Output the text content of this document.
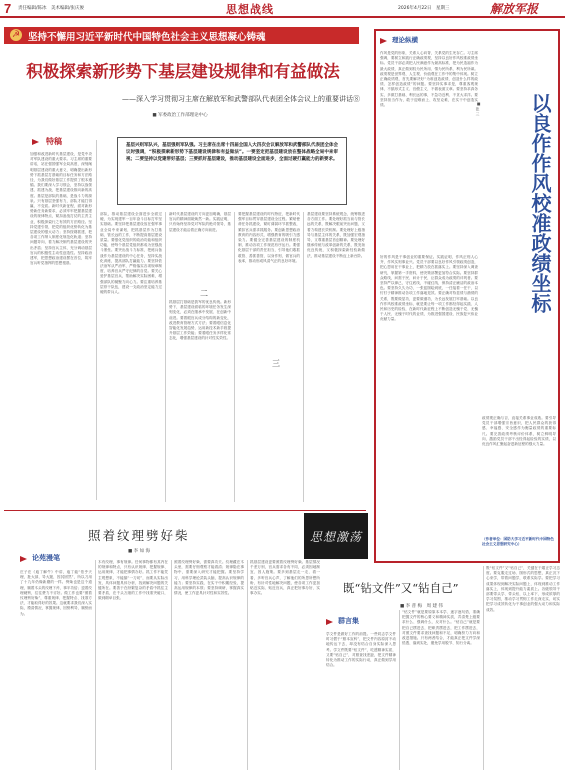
7 责任编辑/陈冰　美术编辑/张庆俊	思想战线	2026年4月22日　星期三	解放军报
☭ 坚持不懈用习近平新时代中国特色社会主义思想凝心铸魂
积极探索新形势下基层建设规律和有益做法
——深入学习贯彻习主席在解放军和武警部队代表团全体会议上的重要讲话⑧
■ 军委政治工作部理论中心
特稿
加强和改进新时代基层建设，是党中央对军队建设的重大要求。习主席的重要讲话，站在强国强军全局高度，深刻阐明基层建设的重大意义，明确提出新形势下抓基层打基础的目标任务和方法路径，为我们做好基层工作提供了根本遵循。我们要深入学习领会，坚持以战领建、抓建为战，把基层建设推向新的高度。基层是部队的基础，是战斗力的源泉。只有基层坚强有力，部队才能打得赢、不变质。新时代新征程，面对新形势新任务新要求，必须牢牢把握基层建设的规律特点，紧扣备战打仗的主责主业，积极探索行之有效的方法路径。坚持党建引领，把党的组织优势转化为基层建设的强大动力；坚持按纲抓建，把各项工作纳入制度化规范化轨道；坚持问题导向，着力解决制约基层建设的突出矛盾；坚持官兵主体，充分调动基层官兵的积极性主动性创造性。坚持政治建军，把思想政治建设摆在首位，筑牢官兵听党指挥的思想根基。
基层兴则军队兴，基层强则军队强。习主席在出席十四届全国人大四次会议解放军和武警部队代表团全体会议时强调，“积极探索新形势下基层建设规律和有益做法”。一要坚定把基层建设放在整体战略全局中来审视；二要坚持以党建带好基层；三要抓好基层建设，推动基层建设全面进步，全面过硬打赢能力的新要求。
部队，推动基层建设全面进步全面过硬，为实现建军一百年奋斗目标打牢坚实基础。要坚持把基层建设放在强军事业全局中来谋划，把抓基层作为打基础、管长远的工作，不断提高基层建设质量。要强化党组织的政治功能和组织功能，使每个基层党组织都成为坚强战斗堡垒。要突出战斗力标准，把练兵备战作为基层建设的中心任务，坚持实战化训练，提高部队打赢能力。要坚持依法治军从严治军，严格落实各项规章制度，培养官兵严守纪律的自觉。要关心爱护基层官兵，帮助解决实际困难，增强部队的凝聚力向心力。要注重培养基层骨干队伍，建设一支政治坚定能力过硬的带兵人。	二
新时代基层建设的方向更加明确，基层官兵的精神面貌焕然一新。实践证明，只有始终坚持党对军队的绝对领导，基层建设才能沿着正确方向前进。
抓基层打基础是我军的优良传统。新形势下，基层建设面临的环境任务发生深刻变化，必须在继承中发展、在创新中前进。要着眼官兵成分结构的新变化，改进教育管理方式方法；要着眼信息化智能化发展趋势，运用新技术新手段提升基层工作效能；要着眼任务多样化常态化，增强基层建设的针对性实效性。
要把握基层建设的时代特征，把新时代强军目标贯穿基层建设全过程。紧贴使命任务抓建设，紧盯薄弱环节抓整改，紧扣官兵需求抓服务。要创新思想政治教育的内容形式，增强教育的吸引力感染力。要健全完善基层建设的制度机制，推动各项工作规范有序运行。要强化基层干部的责任担当，引导他们敢抓敢管、善抓善管，以身作则，做官兵的表率，推动形成风清气正的良好环境。
基层建设要坚持系统观念，统筹推进各方面工作。要处理好抓当前与管长远的关系，既解决眼前突出问题，又着力构建长效机制。要处理好上级指导与基层主体的关系，既加强宏观指导，又尊重基层首创精神。要处理好继承传统与改革创新的关系，既发扬优良传统，又积极探索新经验新做法，推动基层建设不断迈上新台阶。
三
理论纵横
作风是党的形象，关系人心向背，关系党的生死存亡。习主席强调，要树立和践行正确政绩观，坚持以良好作风校准政绩坐标。党员干部必须把人民满意作为最高标准，把为民造福作为最大政绩，真正做到权为民所用、情为民所系、利为民所谋。政绩观是世界观、人生观、价值观在工作中的集中体现。树立正确政绩观，首先要解决好“为谁创造政绩、创造什么样的政绩、怎样创造政绩”的问题。要坚持实事求是，尊重客观规律，不搞形式主义、官僚主义，不做表面文章。要坚持求真务实，多做打基础、利长远的事，不急功近利、不贪大求洋。要坚持担当作为，敢于迎难而上、攻坚克难，在实干中创造实绩。	以良作作风校准政绩坐标
■ 张 三
好的作风是干事创业的重要保证。实践证明，作风正则人心齐，作风实则事业兴。党员干部要以良好作风引领政绩创造，把心思用在干事业上，把精力放在抓落实上。要坚持深入调查研究，掌握第一手资料，使决策部署更加符合实际。要坚持群众路线，问需于民、问计于民，让群众成为政绩的评判者。要坚持严以律己，守住底线，不碰红线，保持清正廉洁的政治本色。要坚持久久为功，一张蓝图绘到底，一任接着一任干，以钉钉子精神推动各项工作落地见效。要正确对待显绩与潜绩的关系，既要做显功，更要做潜功，为长远发展打牢基础。以良作作风校准政绩坐标，就是要让每一项工作都经得起实践、人民和历史的检验，在新时代新征程上不断创造无愧于党、无愧于人民、无愧于时代的业绩，为推进强国建设、民族复兴伟业贡献力量。
政绩观正确与否，直接关系事业成败。要引导党员干部增强宗旨意识，把人民群众的获得感、幸福感、安全感作为衡量政绩的重要标尺。要完善政绩考核评价体系，树立鲜明导向，激励党员干部干出经得起检验的实绩，以优良作风汇聚起奋进新征程的强大力量。
（作者单位：国防大学习近平新时代中国特色社会主义思想研究中心）
照着纹理劈好柴
■ 李 如 海
论苑漫笔
庄子在《庖丁解牛》中讲，庖丁能“依乎天理，批大郤，导大窾，因其固然”，所以刀用了十九年仍像新磨的一样。劈柴也是这个道理，顺着木头的纹理下斧，事半功倍；逆着纹理硬劈，往往费力不讨好。做工作也要“照着纹理劈好柴”，尊重规律、把握特点、找准方法，才能取得好的效果。这就要求我们深入实际，摸清情况，掌握规律，因势利导，顺势而为。
木有纹理，事有规律。任何事物都有其内在的规律和特点，只有认识规律、把握规律、运用规律，才能把事情办好。抓工作不能凭主观想象，不能搞“一刀切”，而要从实际出发，具体问题具体分析，找到解决问题的关键所在。要善于在纷繁复杂的矛盾中抓住主要矛盾，在千头万绪的工作中找准突破口，做到纲举目张。
照着纹理劈好柴，需要真功夫。纹理藏在木头里，需要仔细观察才能看清；规律隐在事物中，需要深入研究才能把握。要坚持学习，用科学理论武装头脑，提高认识规律的能力；要坚持实践，在实干中积累经验，提高运用规律的本领；要坚持调研，掌握真实情况，使工作更具针对性和实效性。
抓基层建设更要照着纹理劈好柴。基层情况千差万别，官兵需求各有不同，必须因地制宜、因人施策。要多到基层走一走、看一看，多听官兵心声，了解他们的所思所想所盼，有针对性地解决问题，使各项工作更加贴近实际、贴近官兵，真正把好事办好、实事办实。
思想激荡
既“钻文件”又“钻自己”
■ 李 普 梅　周 建 伟
群言集
学文件是做好工作的前提。一些同志学文件时习惯于“照本宣科”，把文件内容原封不动地传达下去，却没有结合自身实际深入思考。学文件既要“钻文件”，吃透精神实质，又要“钻自己”，对照查找差距，把文件精神转化为推动工作的实际行动，真正做到学用结合。
“钻文件”就是要原原本本学、逐字逐句悟，准确把握文件的核心要义和精神实质，弄清楚上级要求什么、强调什么、反对什么。“钻自己”就是要把自己摆进去，把职责摆进去，把工作摆进去，对照文件要求查找问题和不足，明确努力方向和改进措施。只有两者结合，才能真正把文件学深悟透、落到实处，避免学用脱节、知行分离。
既“钻文件”又“钻自己”，关键在于端正学习态度。要克服走过场、图形式的思想，真正沉下心来学，带着问题学，联系实际学。要把学习成果体现到解决实际问题上，体现到推动工作落实上，体现到提升能力素质上。各级领导干部要带头学、带头钻，以上率下，形成浓厚的学习氛围，推动学习贯彻工作走深走实，切实把学习成效转化为干事创业的强大动力和实际成效。
